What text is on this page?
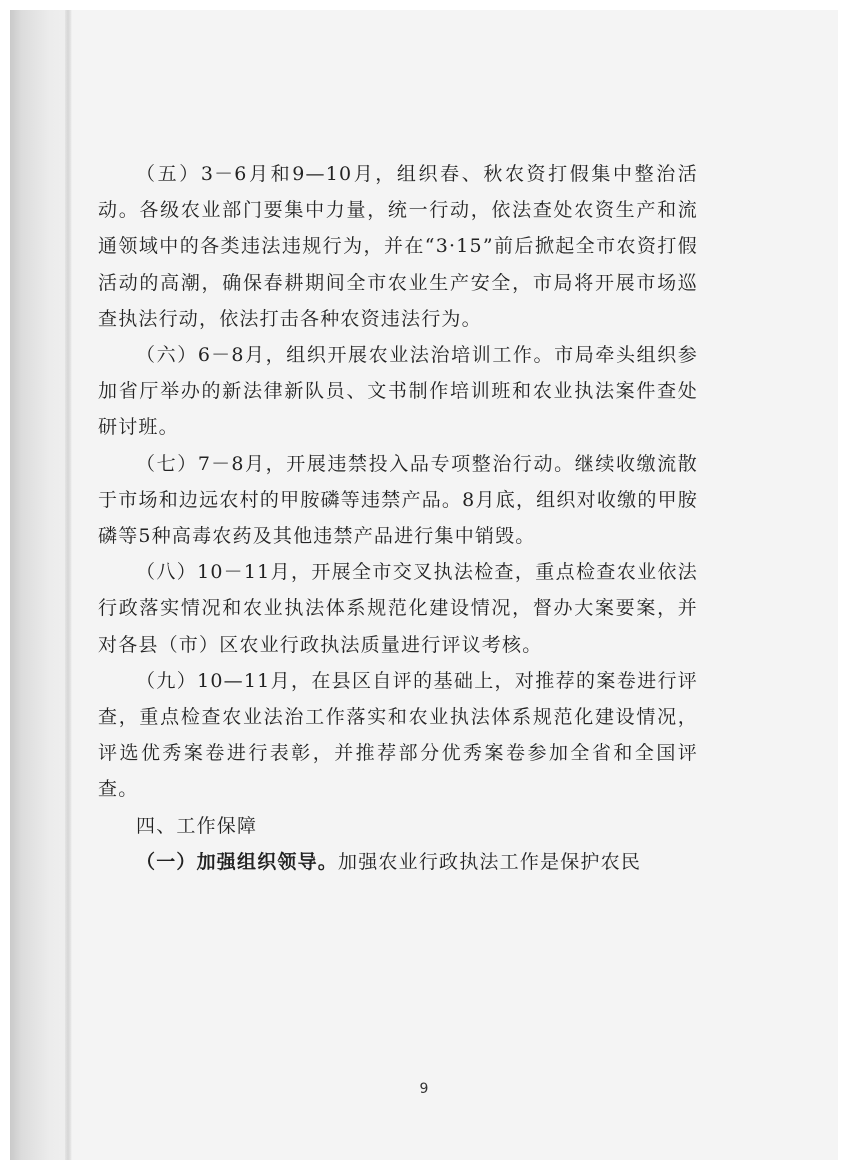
（五）3－6月和9—10月，组织春、秋农资打假集中整治活动。各级农业部门要集中力量，统一行动，依法查处农资生产和流通领域中的各类违法违规行为，并在“3·15”前后掀起全市农资打假活动的高潮，确保春耕期间全市农业生产安全，市局将开展市场巡查执法行动，依法打击各种农资违法行为。

（六）6－8月，组织开展农业法治培训工作。市局牵头组织参加省厅举办的新法律新队员、文书制作培训班和农业执法案件查处研讨班。

（七）7－8月，开展违禁投入品专项整治行动。继续收缴流散于市场和边远农村的甲胺磷等违禁产品。8月底，组织对收缴的甲胺磷等5种高毒农药及其他违禁产品进行集中销毁。

（八）10－11月，开展全市交叉执法检查，重点检查农业依法行政落实情况和农业执法体系规范化建设情况，督办大案要案，并对各县（市）区农业行政执法质量进行评议考核。

（九）10—11月，在县区自评的基础上，对推荐的案卷进行评查，重点检查农业法治工作落实和农业执法体系规范化建设情况，评选优秀案卷进行表彰，并推荐部分优秀案卷参加全省和全国评查。

四、工作保障

（一）加强组织领导。加强农业行政执法工作是保护农民

9
